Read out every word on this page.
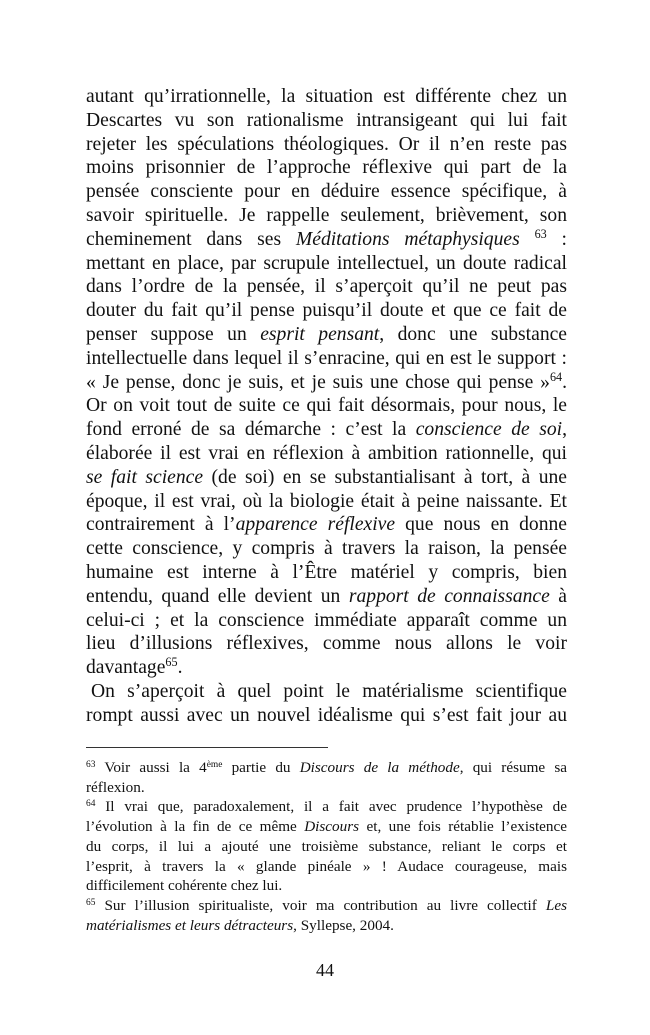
autant qu’irrationnelle, la situation est différente chez un
Descartes vu son rationalisme intransigeant qui lui fait
rejeter les spéculations théologiques. Or il n’en reste pas
moins prisonnier de l’approche réflexive qui part de la
pensée consciente pour en déduire essence spécifique, à
savoir spirituelle. Je rappelle seulement, brièvement, son
cheminement dans ses Méditations métaphysiques $^{63}$ :
mettant en place, par scrupule intellectuel, un doute radical
dans l’ordre de la pensée, il s’aperçoit qu’il ne peut pas
douter du fait qu’il pense puisqu’il doute et que ce fait de
penser suppose un esprit pensant, donc une substance
intellectuelle dans lequel il s’enracine, qui en est le support :
« Je pense, donc je suis, et je suis une chose qui pense »$^{64}$.
Or on voit tout de suite ce qui fait désormais, pour nous, le
fond erroné de sa démarche : c’est la conscience de soi,
élaborée il est vrai en réflexion à ambition rationnelle, qui
se fait science (de soi) en se substantialisant à tort, à une
époque, il est vrai, où la biologie était à peine naissante. Et
contrairement à l’apparence réflexive que nous en donne
cette conscience, y compris à travers la raison, la pensée
humaine est interne à l’Être matériel y compris, bien
entendu, quand elle devient un rapport de connaissance à
celui-ci ; et la conscience immédiate apparaît comme un
lieu d’illusions réflexives, comme nous allons le voir
davantage$^{65}$.
On s’aperçoit à quel point le matérialisme scientifique
rompt aussi avec un nouvel idéalisme qui s’est fait jour au
$^{63}$ Voir aussi la 4ème partie du Discours de la méthode, qui résume sa
réflexion.
$^{64}$ Il vrai que, paradoxalement, il a fait avec prudence l’hypothèse de
l’évolution à la fin de ce même Discours et, une fois rétablie l’existence
du corps, il lui a ajouté une troisième substance, reliant le corps et
l’esprit, à travers la « glande pinéale » ! Audace courageuse, mais
difficilement cohérente chez lui.
$^{65}$ Sur l’illusion spiritualiste, voir ma contribution au livre collectif Les
matérialismes et leurs détracteurs, Syllepse, 2004.
44
